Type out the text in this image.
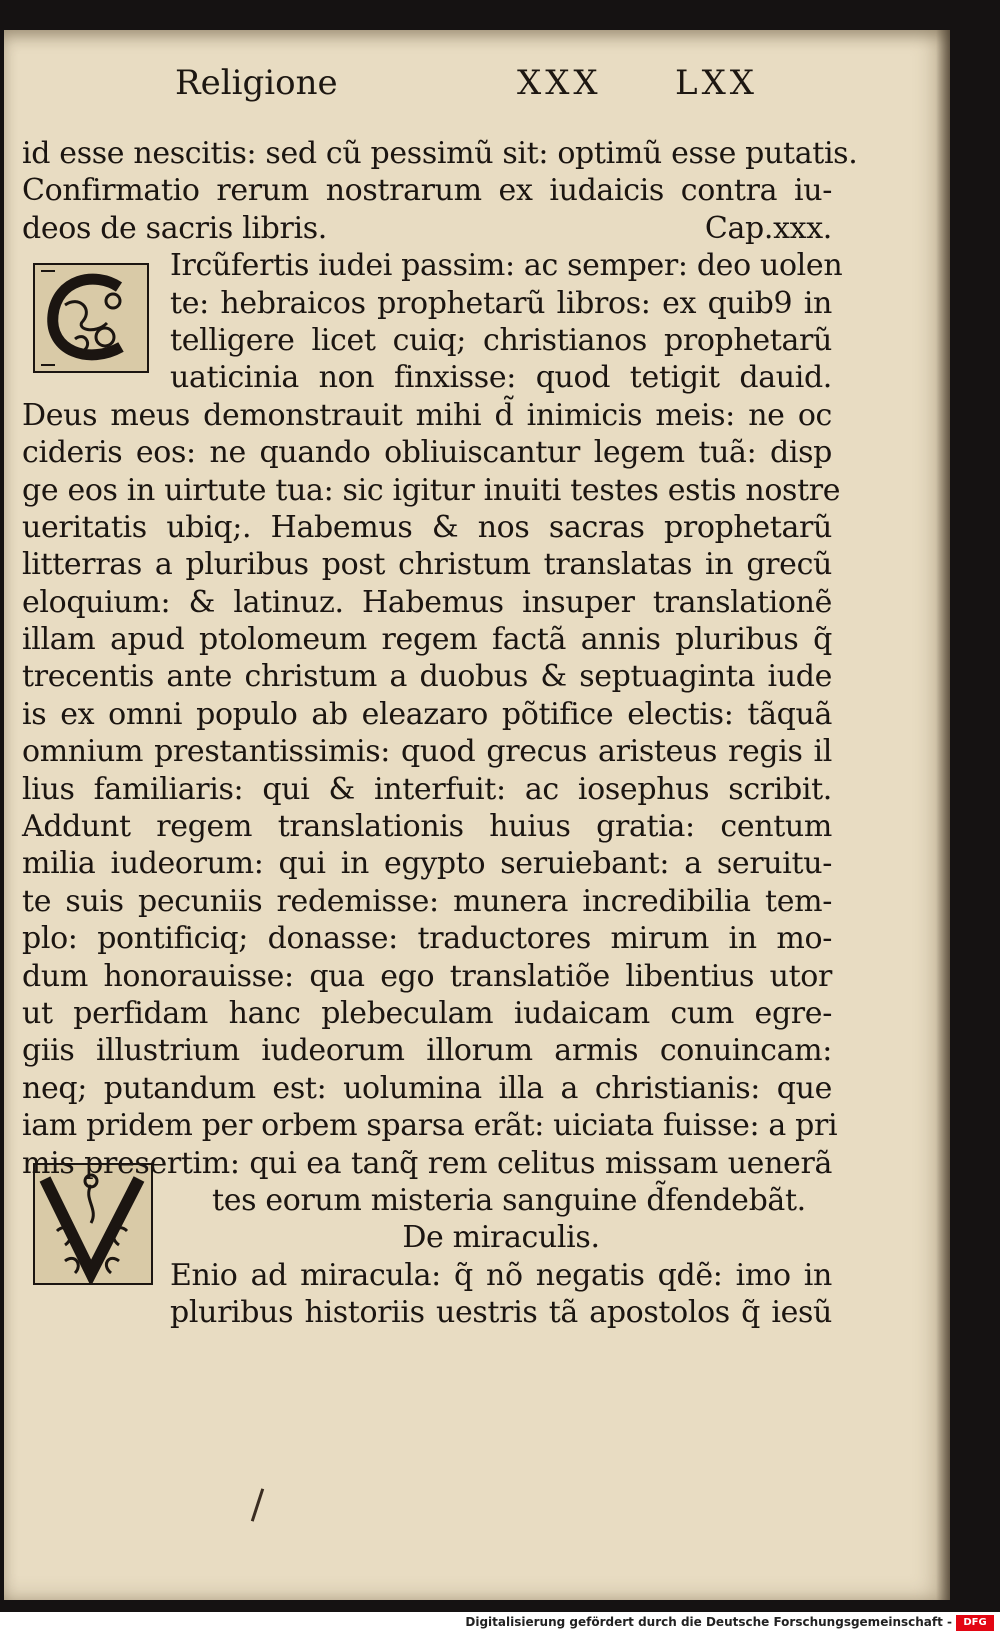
Religione	XXX LXX
id esse nescitis: sed cũ pessimũ sit: optimũ esse putatis.
Confirmatio rerum nostrarum ex iudaicis contra iu-
deos de sacris libris.	Cap.xxx.
Ircũfertis iudei passim: ac semper: deo uolen
te: hebraicos prophetarũ libros: ex quib9 in
telligere licet cuiq; christianos prophetarũ
uaticinia non finxisse: quod tetigit dauid.
Deus meus demonstrauit mihi d̃ inimicis meis: ne oc
cideris eos: ne quando obliuiscantur legem tuã: disp
ge eos in uirtute tua: sic igitur inuiti testes estis nostre
ueritatis ubiq;. Habemus & nos sacras prophetarũ
litterras a pluribus post christum translatas in grecũ
eloquium: & latinuz. Habemus insuper translationẽ
illam apud ptolomeum regem factã annis pluribus q̃
trecentis ante christum a duobus & septuaginta iude
is ex omni populo ab eleazaro põtifice electis: tãquã
omnium prestantissimis: quod grecus aristeus regis il
lius familiaris: qui & interfuit: ac iosephus scribit.
Addunt regem translationis huius gratia: centum
milia iudeorum: qui in egypto seruiebant: a seruitu-
te suis pecuniis redemisse: munera incredibilia tem-
plo: pontificiq; donasse: traductores mirum in mo-
dum honorauisse: qua ego translatiõe libentius utor
ut perfidam hanc plebeculam iudaicam cum egre-
giis illustrium iudeorum illorum armis conuincam:
neq; putandum est: uolumina illa a christianis: que
iam pridem per orbem sparsa erãt: uiciata fuisse: a pri
mis presertim: qui ea tanq̃ rem celitus missam uenerã
tes eorum misteria sanguine d̃fendebãt.
De miraculis.
Enio ad miracula: q̃ nõ negatis qdẽ: imo in
pluribus historiis uestris tã apostolos q̃ iesũ
Digitalisierung gefördert durch die Deutsche Forschungsgemeinschaft -	DFG
